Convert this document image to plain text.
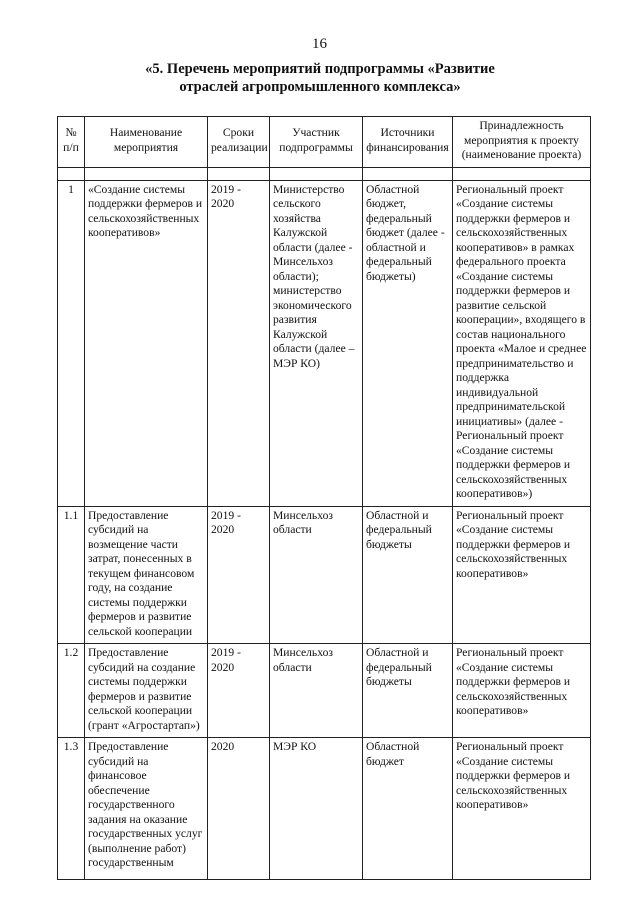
16
«5. Перечень мероприятий подпрограммы «Развитие
отраслей агропромышленного комплекса»
№ п/п	Наименование мероприятия	Сроки реализации	Участник подпрограммы	Источники финансирования	Принадлежность мероприятия к проекту (наименование проекта)

1	«Создание системы поддержки фермеров и сельскохозяйственных кооперативов»	2019 - 2020	Министерство сельского хозяйства Калужской области (далее - Минсельхоз области); министерство экономического развития Калужской области (далее – МЭР КО)	Областной бюджет, федеральный бюджет (далее - областной и федеральный бюджеты)	Региональный проект «Создание системы поддержки фермеров и сельскохозяйственных кооперативов» в рамках федерального проекта «Создание системы поддержки фермеров и развитие сельской кооперации», входящего в состав национального проекта «Малое и среднее предпринимательство и поддержка индивидуальной предпринимательской инициативы» (далее - Региональный проект «Создание системы поддержки фермеров и сельскохозяйственных кооперативов»)
1.1	Предоставление субсидий на возмещение части затрат, понесенных в текущем финансовом году, на создание системы поддержки фермеров и развитие сельской кооперации	2019 - 2020	Минсельхоз области	Областной и федеральный бюджеты	Региональный проект «Создание системы поддержки фермеров и сельскохозяйственных кооперативов»
1.2	Предоставление субсидий на создание системы поддержки фермеров и развитие сельской кооперации (грант «Агростартап»)	2019 - 2020	Минсельхоз области	Областной и федеральный бюджеты	Региональный проект «Создание системы поддержки фермеров и сельскохозяйственных кооперативов»
1.3	Предоставление субсидий на финансовое обеспечение государственного задания на оказание государственных услуг (выполнение работ) государственным	2020	МЭР КО	Областной бюджет	Региональный проект «Создание системы поддержки фермеров и сельскохозяйственных кооперативов»
